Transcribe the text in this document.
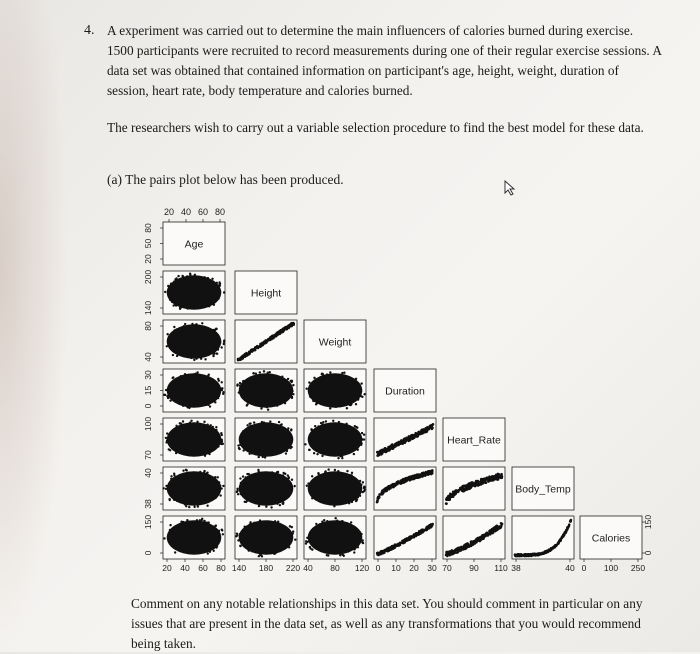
4. A experiment was carried out to determine the main influencers of calories burned during exercise. 1500 participants were recruited to record measurements during one of their regular exercise sessions. A data set was obtained that contained information on participant's age, height, weight, duration of session, heart rate, body temperature and calories burned.

The researchers wish to carry out a variable selection procedure to find the best model for these data.

(a) The pairs plot below has been produced.
Age
Height
Weight
Duration
Heart_Rate
Body_Temp
Calories
20 40 60 80
20
50
80
140
200
40
80
0
15
30
70
100
38
40
0
150
20 40 60 80 140 180 220 40 80 120 0 10 20 30 70 90 110 38	40 0 100 250
0
150

Comment on any notable relationships in this data set. You should comment in particular on any issues that are present in the data set, as well as any transformations that you would recommend being taken.
